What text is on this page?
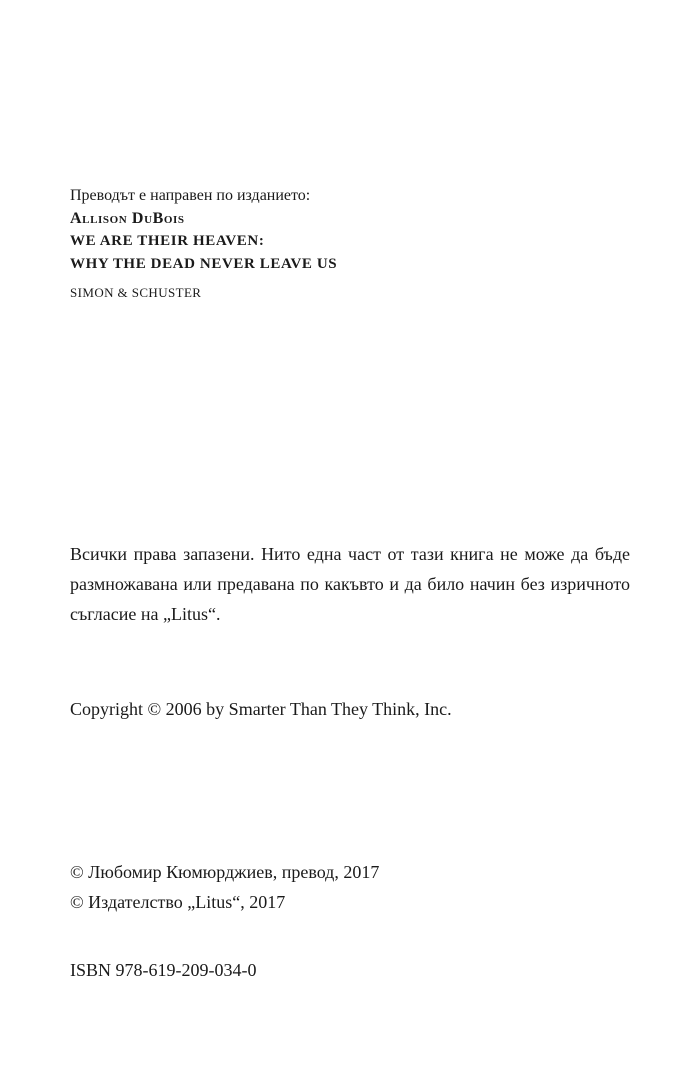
Преводът е направен по изданието:

Allison DuBois

WE ARE THEIR HEAVEN:

WHY THE DEAD NEVER LEAVE US

SIMON & SCHUSTER

Всички права запазени. Нито една част от тази книга не може да бъде размножавана или предавана по какъвто и да било начин без изричното съгласие на „Litus“.

Copyright © 2006 by Smarter Than They Think, Inc.

© Любомир Кюмюрджиев, превод, 2017

© Издателство „Litus“, 2017

ISBN 978-619-209-034-0
